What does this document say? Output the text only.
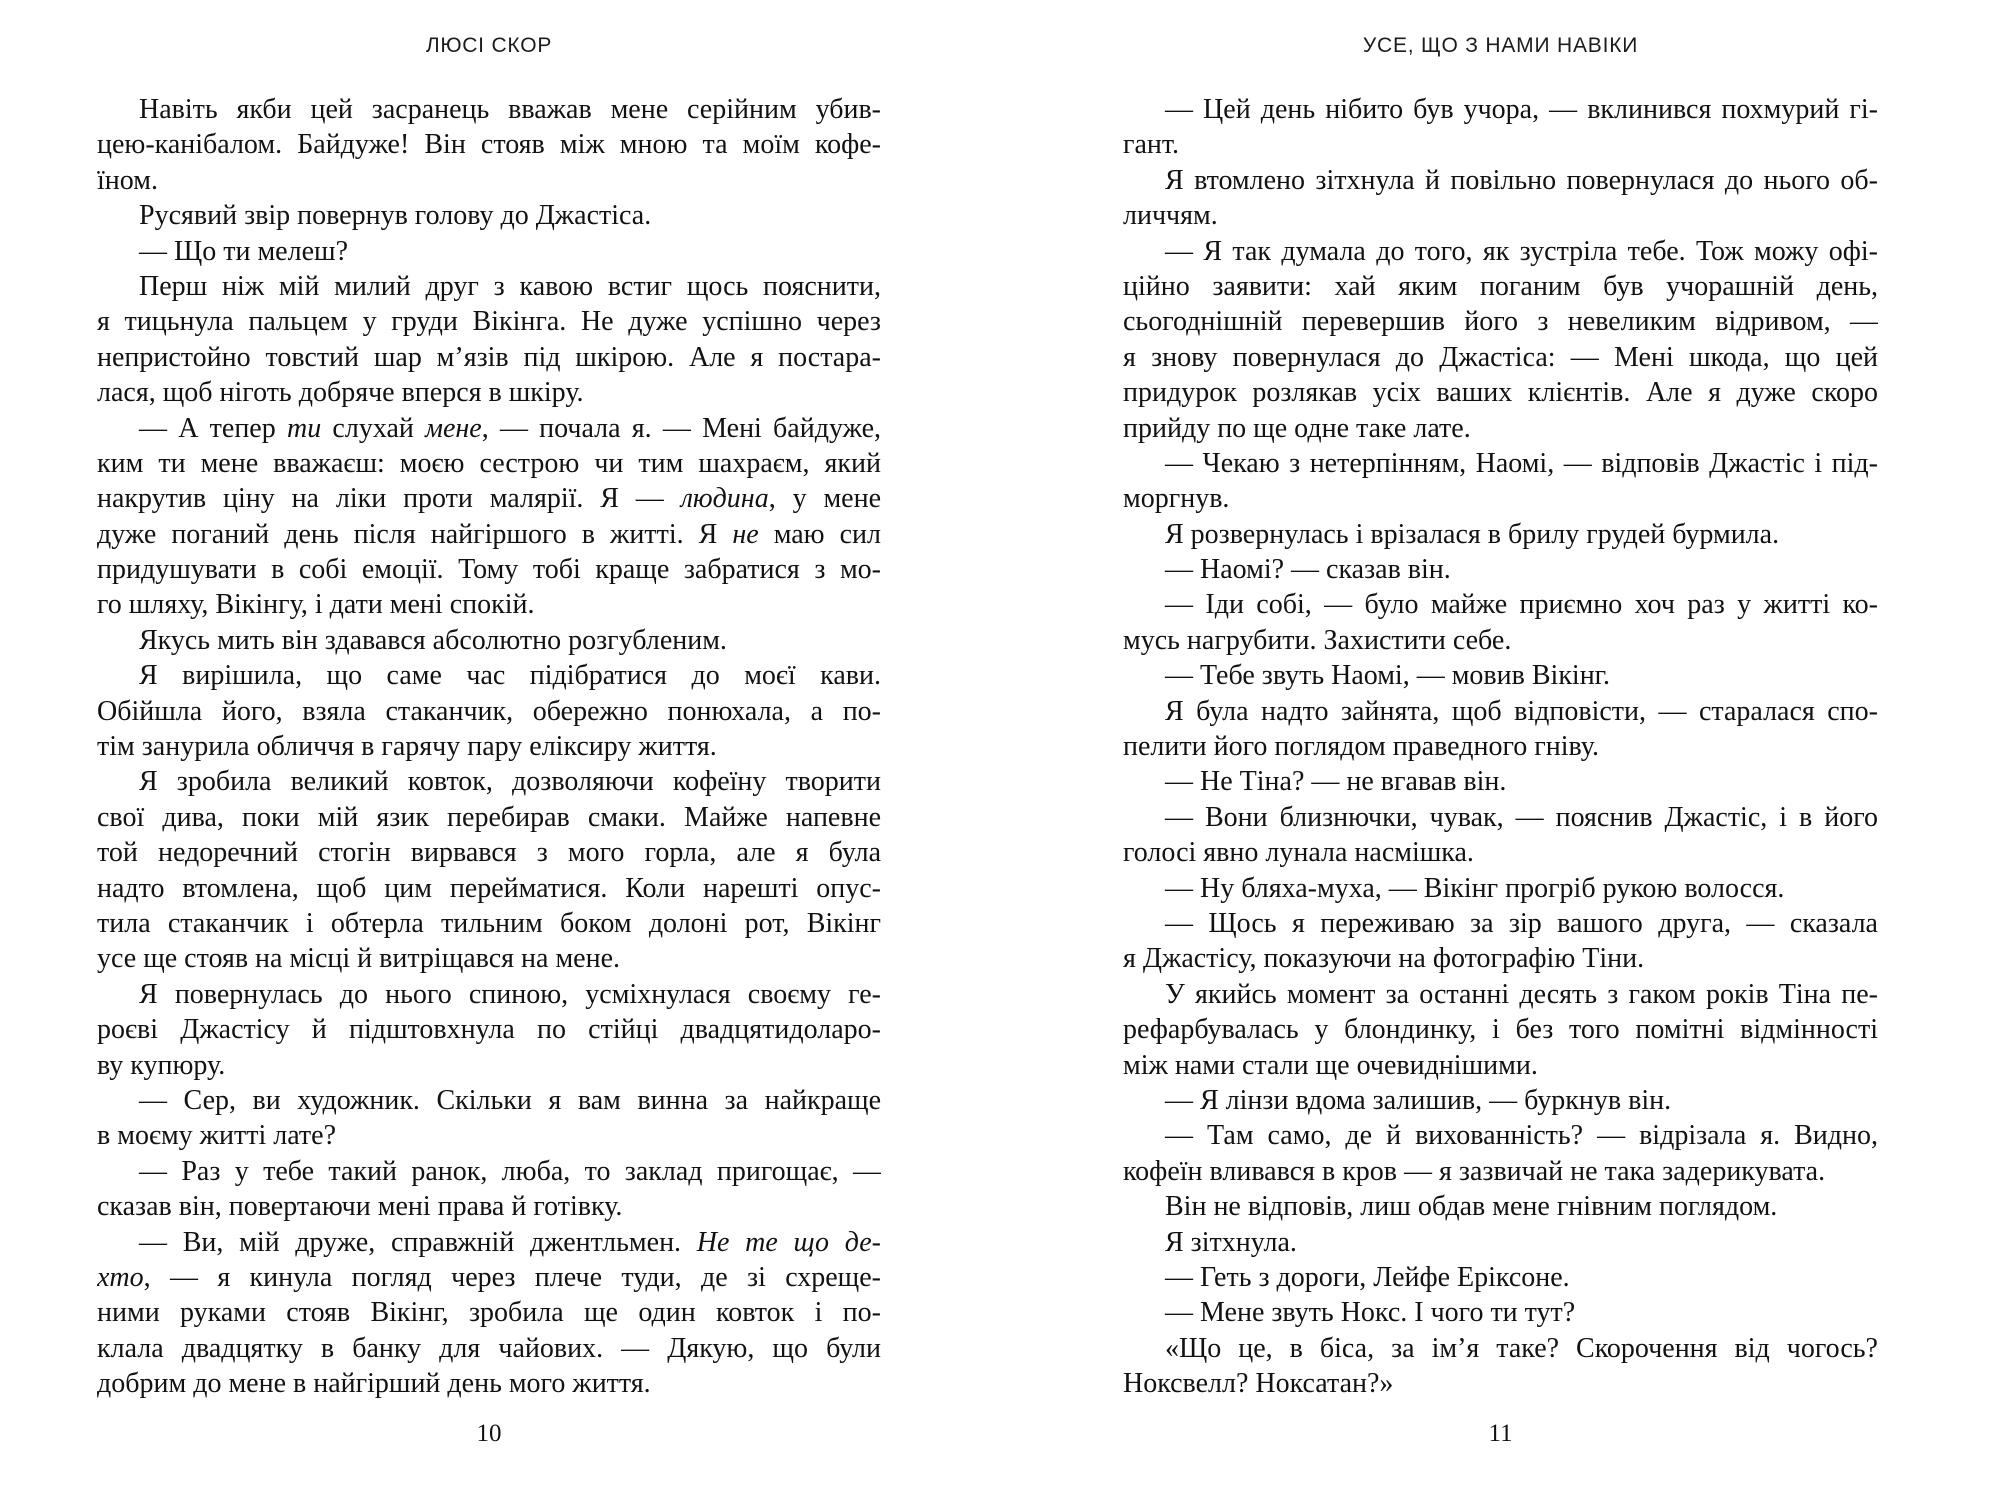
ЛЮСІ СКОР
Навіть якби цей засранець вважав мене серійним убив-
цею-канібалом. Байдуже! Він стояв між мною та моїм кофе-
їном.
Русявий звір повернув голову до Джастіса.
— Що ти мелеш?
Перш ніж мій милий друг з кавою встиг щось пояснити,
я тицьнула пальцем у груди Вікінга. Не дуже успішно через
непристойно товстий шар м’язів під шкірою. Але я постара-
лася, щоб ніготь добряче вперся в шкіру.
— А тепер ти слухай мене, — почала я. — Мені байдуже,
ким ти мене вважаєш: моєю сестрою чи тим шахраєм, який
накрутив ціну на ліки проти малярії. Я — людина, у мене
дуже поганий день після найгіршого в житті. Я не маю сил
придушувати в собі емоції. Тому тобі краще забратися з мо-
го шляху, Вікінгу, і дати мені спокій.
Якусь мить він здавався абсолютно розгубленим.
Я вирішила, що саме час підібратися до моєї кави.
Обійшла його, взяла стаканчик, обережно понюхала, а по-
тім занурила обличчя в гарячу пару еліксиру життя.
Я зробила великий ковток, дозволяючи кофеїну творити
свої дива, поки мій язик перебирав смаки. Майже напевне
той недоречний стогін вирвався з мого горла, але я була
надто втомлена, щоб цим перейматися. Коли нарешті опус-
тила стаканчик і обтерла тильним боком долоні рот, Вікінг
усе ще стояв на місці й витріщався на мене.
Я повернулась до нього спиною, усміхнулася своєму ге-
роєві Джастісу й підштовхнула по стійці двадцятидоларо-
ву купюру.
— Сер, ви художник. Скільки я вам винна за найкраще
в моєму житті лате?
— Раз у тебе такий ранок, люба, то заклад пригощає, —
сказав він, повертаючи мені права й готівку.
— Ви, мій друже, справжній джентльмен. Не те що де-
хто, — я кинула погляд через плече туди, де зі схреще-
ними руками стояв Вікінг, зробила ще один ковток і по-
клала двадцятку в банку для чайових. — Дякую, що були
добрим до мене в найгірший день мого життя.
10
УСЕ, ЩО З НАМИ НАВІКИ
— Цей день нібито був учора, — вклинився похмурий гі-
гант.
Я втомлено зітхнула й повільно повернулася до нього об-
личчям.
— Я так думала до того, як зустріла тебе. Тож можу офі-
ційно заявити: хай яким поганим був учорашній день,
сьогоднішній перевершив його з невеликим відривом, —
я знову повернулася до Джастіса: — Мені шкода, що цей
придурок розлякав усіх ваших клієнтів. Але я дуже скоро
прийду по ще одне таке лате.
— Чекаю з нетерпінням, Наомі, — відповів Джастіс і під-
моргнув.
Я розвернулась і врізалася в брилу грудей бурмила.
— Наомі? — сказав він.
— Іди собі, — було майже приємно хоч раз у житті ко-
мусь нагрубити. Захистити себе.
— Тебе звуть Наомі, — мовив Вікінг.
Я була надто зайнята, щоб відповісти, — старалася спо-
пелити його поглядом праведного гніву.
— Не Тіна? — не вгавав він.
— Вони близнючки, чувак, — пояснив Джастіс, і в його
голосі явно лунала насмішка.
— Ну бляха-муха, — Вікінг прогріб рукою волосся.
— Щось я переживаю за зір вашого друга, — сказала
я Джастісу, показуючи на фотографію Тіни.
У якийсь момент за останні десять з гаком років Тіна пе-
рефарбувалась у блондинку, і без того помітні відмінності
між нами стали ще очевиднішими.
— Я лінзи вдома залишив, — буркнув він.
— Там само, де й вихованність? — відрізала я. Видно,
кофеїн вливався в кров — я зазвичай не така задерикувата.
Він не відповів, лиш обдав мене гнівним поглядом.
Я зітхнула.
— Геть з дороги, Лейфе Еріксоне.
— Мене звуть Нокс. І чого ти тут?
«Що це, в біса, за ім’я таке? Скорочення від чогось?
Ноксвелл? Ноксатан?»
11
